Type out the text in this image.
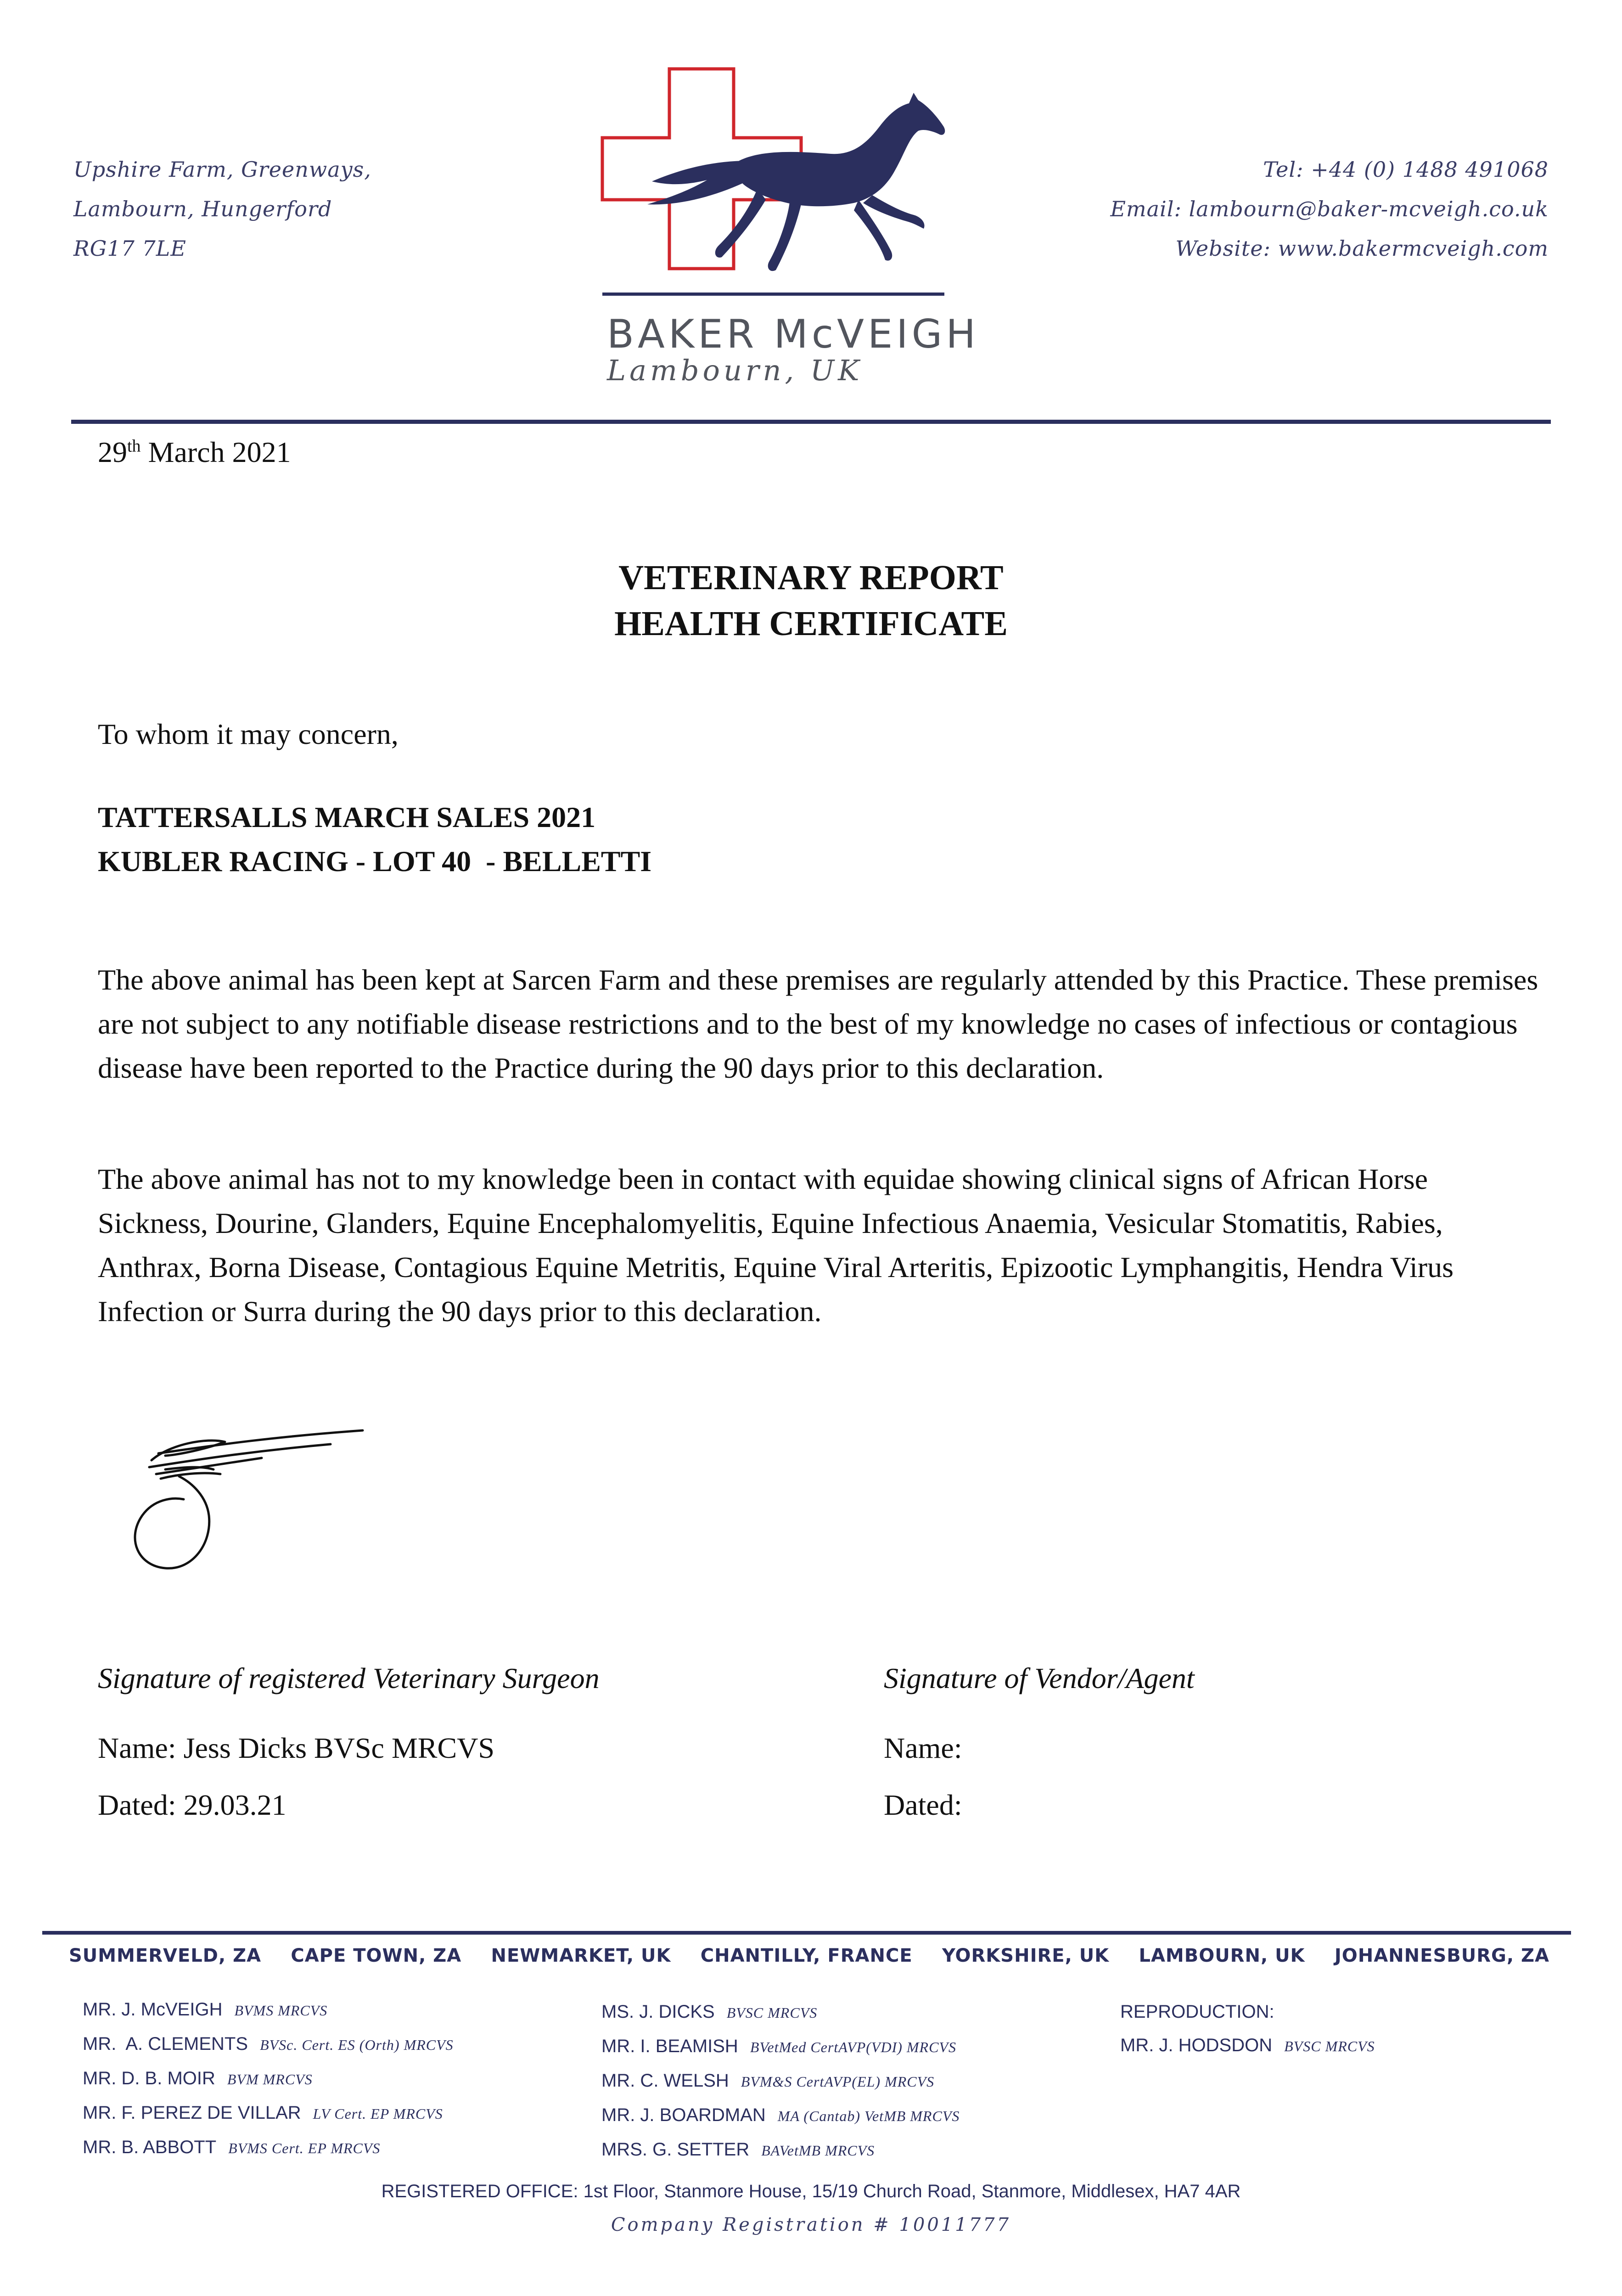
Upshire Farm, Greenways,
Lambourn, Hungerford
RG17 7LE
Tel: +44 (0) 1488 491068
Email: lambourn@baker-mcveigh.co.uk
Website: www.bakermcveigh.com
BAKER McVEIGH
Lambourn, UK
29th March 2021
VETERINARY REPORT
HEALTH CERTIFICATE
To whom it may concern,
TATTERSALLS MARCH SALES 2021
KUBLER RACING - LOT 40  - BELLETTI
The above animal has been kept at Sarcen Farm and these premises are regularly attended by this Practice. These premises are not subject to any notifiable disease restrictions and to the best of my knowledge no cases of infectious or contagious disease have been reported to the Practice during the 90 days prior to this declaration.
The above animal has not to my knowledge been in contact with equidae showing clinical signs of African Horse Sickness, Dourine, Glanders, Equine Encephalomyelitis, Equine Infectious Anaemia, Vesicular Stomatitis, Rabies, Anthrax, Borna Disease, Contagious Equine Metritis, Equine Viral Arteritis, Epizootic Lymphangitis, Hendra Virus Infection or Surra during the 90 days prior to this declaration.
Signature of registered Veterinary Surgeon
Name: Jess Dicks BVSc MRCVS
Dated: 29.03.21
Signature of Vendor/Agent
Name:
Dated:
SUMMERVELD, ZA CAPE TOWN, ZA NEWMARKET, UK CHANTILLY, FRANCE YORKSHIRE, UK LAMBOURN, UK JOHANNESBURG, ZA
MR. J. McVEIGH BVMS MRCVS
MR.  A. CLEMENTS BVSc. Cert. ES (Orth) MRCVS
MR. D. B. MOIR BVM MRCVS
MR. F. PEREZ DE VILLAR LV Cert. EP MRCVS
MR. B. ABBOTT BVMS Cert. EP MRCVS
MS. J. DICKS BVSC MRCVS
MR. I. BEAMISH BVetMed CertAVP(VDI) MRCVS
MR. C. WELSH BVM&S CertAVP(EL) MRCVS
MR. J. BOARDMAN MA (Cantab) VetMB MRCVS
MRS. G. SETTER BAVetMB MRCVS
REPRODUCTION:
MR. J. HODSDON BVSC MRCVS
REGISTERED OFFICE: 1st Floor, Stanmore House, 15/19 Church Road, Stanmore, Middlesex, HA7 4AR
Company Registration # 10011777
